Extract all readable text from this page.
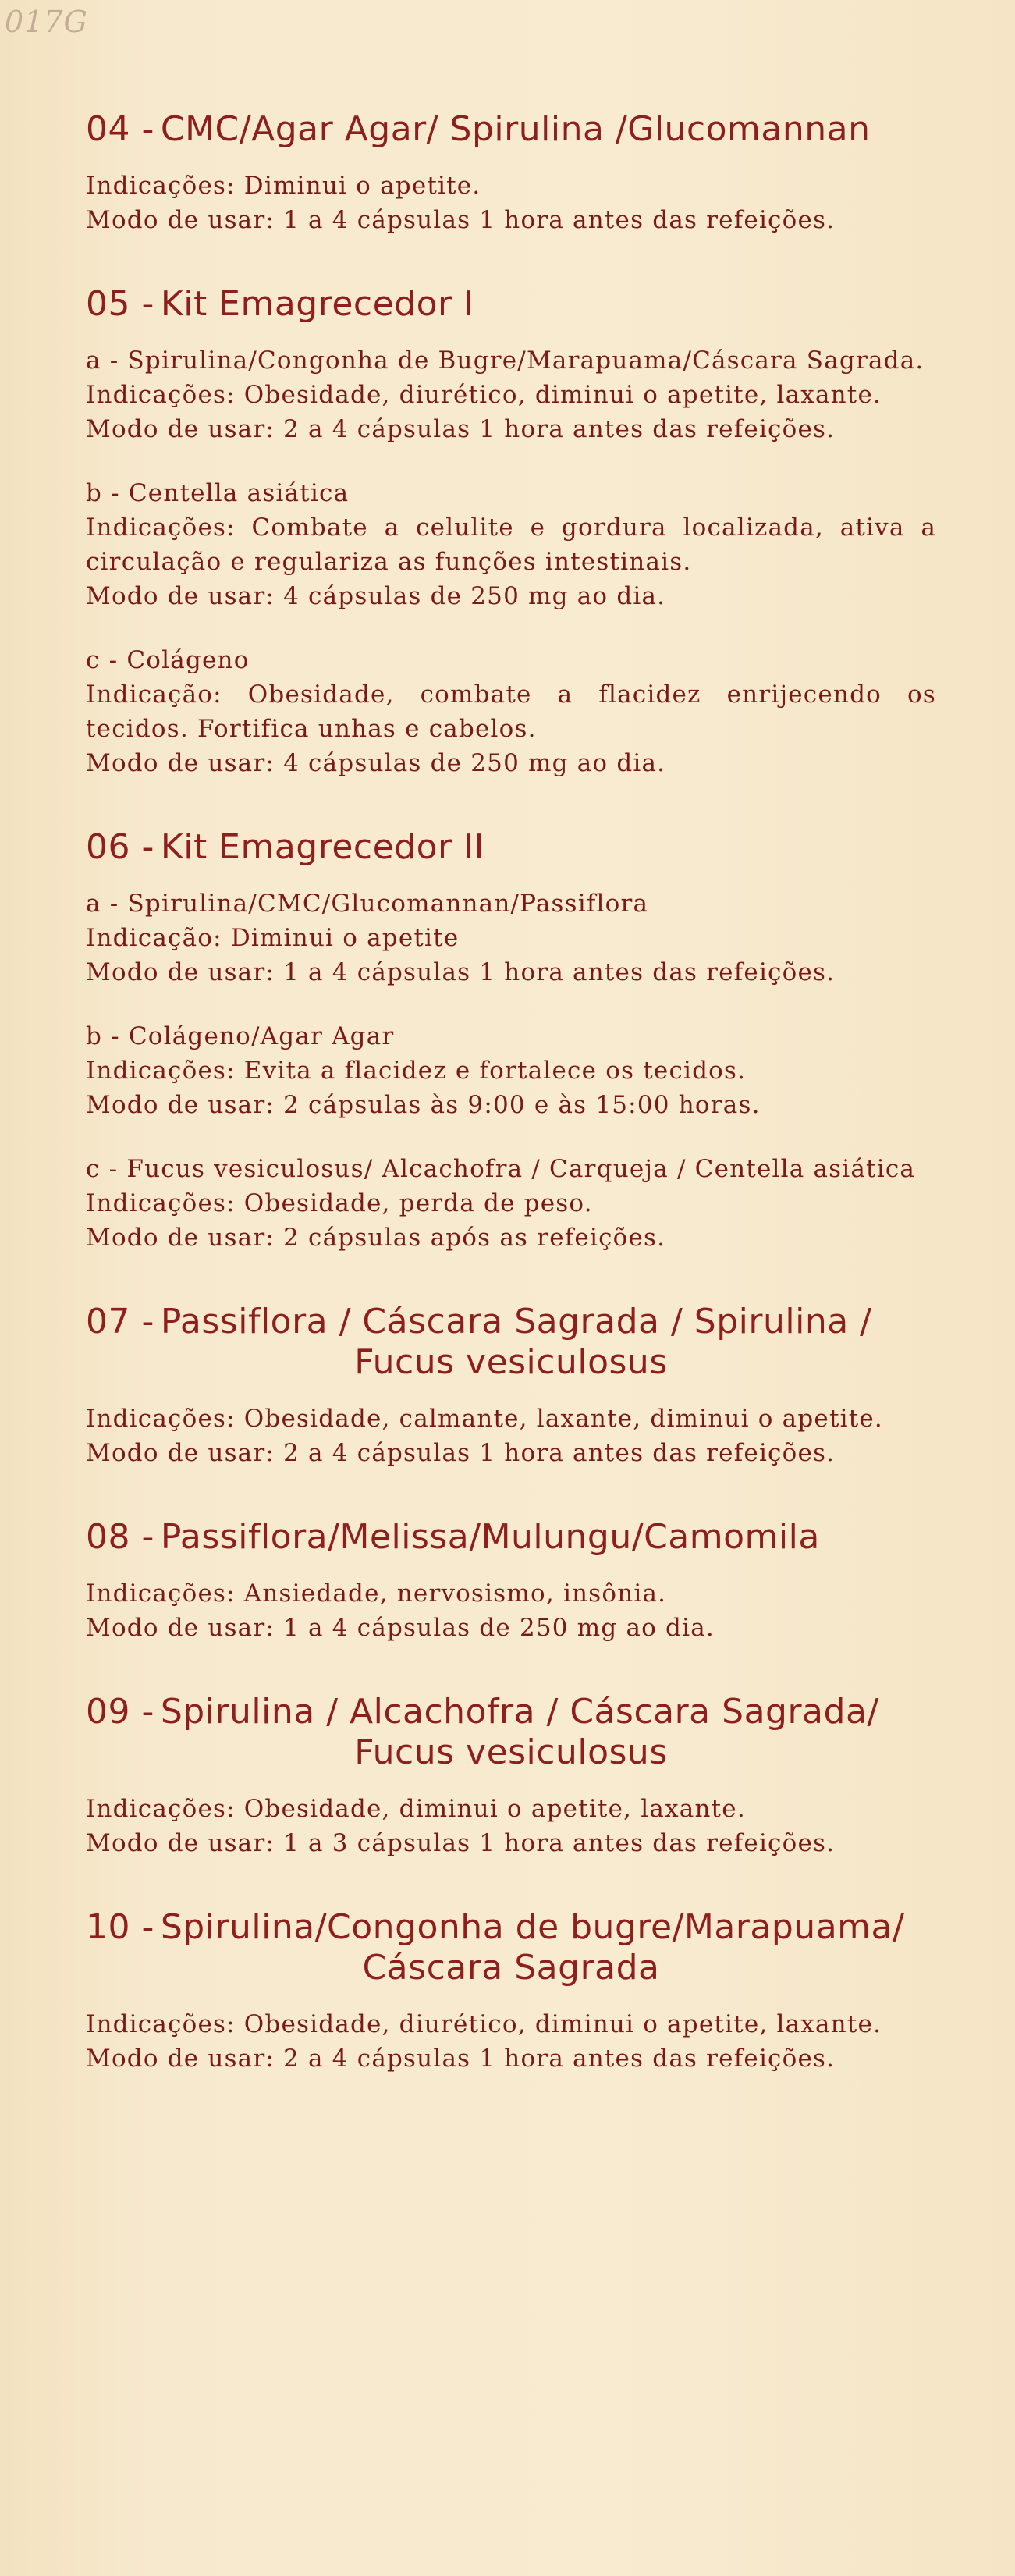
017G
04 - CMC/Agar Agar/ Spirulina /Glucomannan
Indicações: Diminui o apetite.
Modo de usar: 1 a 4 cápsulas 1 hora antes das refeições.
05 - Kit Emagrecedor I
a - Spirulina/Congonha de Bugre/Marapuama/Cáscara Sagrada.
Indicações: Obesidade, diurético, diminui o apetite, laxante.
Modo de usar: 2 a 4 cápsulas 1 hora antes das refeições.
b - Centella asiática
Indicações: Combate a celulite e gordura localizada, ativa a circulação e regulariza as funções intestinais.
Modo de usar: 4 cápsulas de 250 mg ao dia.
c - Colágeno
Indicação: Obesidade, combate a flacidez enrijecendo os tecidos. Fortifica unhas e cabelos.
Modo de usar: 4 cápsulas de 250 mg ao dia.
06 - Kit Emagrecedor II
a - Spirulina/CMC/Glucomannan/Passiflora
Indicação: Diminui o apetite
Modo de usar: 1 a 4 cápsulas 1 hora antes das refeições.
b - Colágeno/Agar Agar
Indicações: Evita a flacidez e fortalece os tecidos.
Modo de usar: 2 cápsulas às 9:00 e às 15:00 horas.
c - Fucus vesiculosus/ Alcachofra / Carqueja / Centella asiática
Indicações: Obesidade, perda de peso.
Modo de usar: 2 cápsulas após as refeições.
07 - Passiflora / Cáscara Sagrada / Spirulina /
Fucus vesiculosus
Indicações: Obesidade, calmante, laxante, diminui o apetite.
Modo de usar: 2 a 4 cápsulas 1 hora antes das refeições.
08 - Passiflora/Melissa/Mulungu/Camomila
Indicações: Ansiedade, nervosismo, insônia.
Modo de usar: 1 a 4 cápsulas de 250 mg ao dia.
09 - Spirulina / Alcachofra / Cáscara Sagrada/
Fucus vesiculosus
Indicações: Obesidade, diminui o apetite, laxante.
Modo de usar: 1 a 3 cápsulas 1 hora antes das refeições.
10 - Spirulina/Congonha de bugre/Marapuama/
Cáscara Sagrada
Indicações: Obesidade, diurético, diminui o apetite, laxante.
Modo de usar: 2 a 4 cápsulas 1 hora antes das refeições.
